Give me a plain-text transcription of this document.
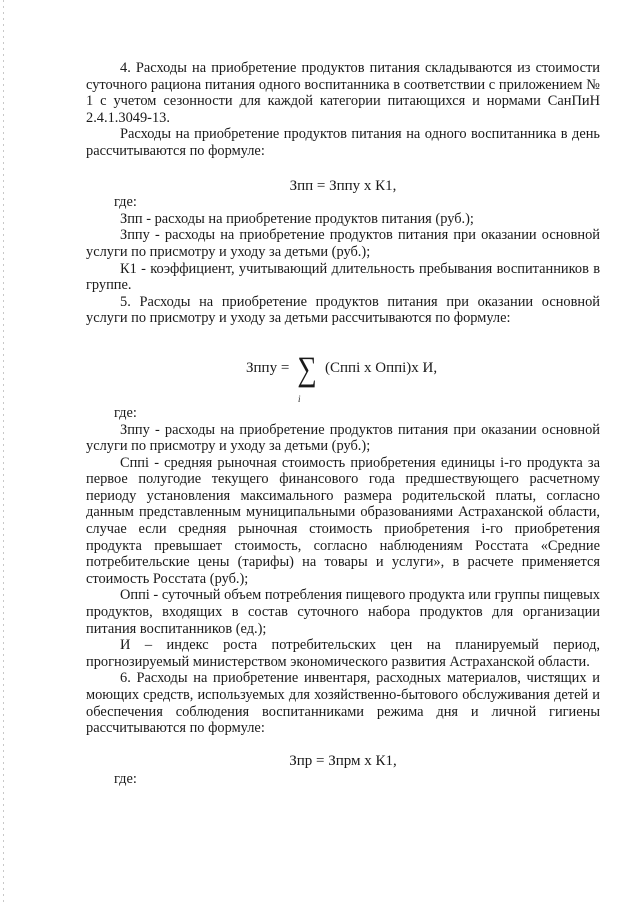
4. Расходы на приобретение продуктов питания складываются из стоимости суточного рациона питания одного воспитанника в соответствии с приложением № 1 с учетом сезонности для каждой категории питающихся и нормами СанПиН 2.4.1.3049-13.

Расходы на приобретение продуктов питания на одного воспитанника в день рассчитываются по формуле:

Зпп = Зппу х К1,

где:

Зпп - расходы на приобретение продуктов питания (руб.);

Зппу - расходы на приобретение продуктов питания при оказании основной услуги по присмотру и уходу за детьми (руб.);

К1 - коэффициент, учитывающий длительность пребывания воспитанников в группе.

5. Расходы на приобретение продуктов питания при оказании основной услуги по присмотру и уходу за детьми рассчитываются по формуле:

Зппу = ∑ (Сппi х Оппi)х И,
i

где:

Зппу - расходы на приобретение продуктов питания при оказании основной услуги по присмотру и уходу за детьми (руб.);

Сппi - средняя рыночная стоимость приобретения единицы i-го продукта за первое полугодие текущего финансового года предшествующего расчетному периоду установления максимального размера родительской платы, согласно данным представленным муниципальными образованиями Астраханской области, случае если средняя рыночная стоимость приобретения i-го приобретения продукта превышает стоимость, согласно наблюдениям Росстата «Средние потребительские цены (тарифы) на товары и услуги», в расчете применяется стоимость Росстата (руб.);

Оппi - суточный объем потребления пищевого продукта или группы пищевых продуктов, входящих в состав суточного набора продуктов для организации питания воспитанников (ед.);

И – индекс роста потребительских цен на планируемый период, прогнозируемый министерством экономического развития Астраханской области.

6. Расходы на приобретение инвентаря, расходных материалов, чистящих и моющих средств, используемых для хозяйственно-бытового обслуживания детей и обеспечения соблюдения воспитанниками режима дня и личной гигиены рассчитываются по формуле:

Зпр = Зпрм х К1,

где:
